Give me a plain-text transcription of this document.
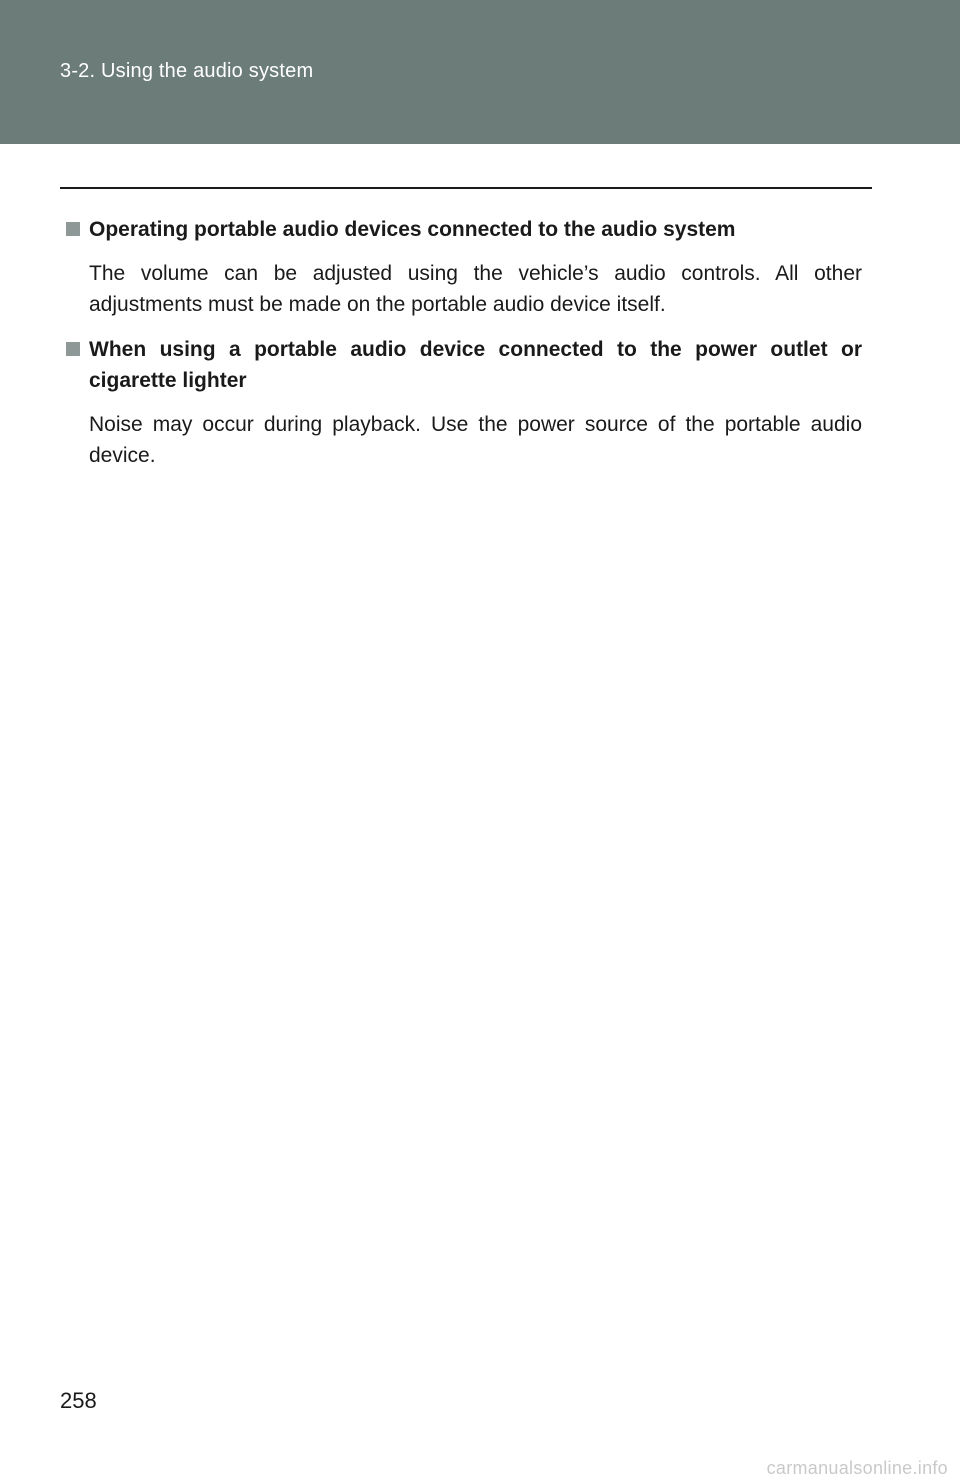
3-2. Using the audio system
Operating portable audio devices connected to the audio system
The volume can be adjusted using the vehicle’s audio controls. All other adjustments must be made on the portable audio device itself.
When using a portable audio device connected to the power outlet or cigarette lighter
Noise may occur during playback. Use the power source of the portable audio device.
258
carmanualsonline.info
